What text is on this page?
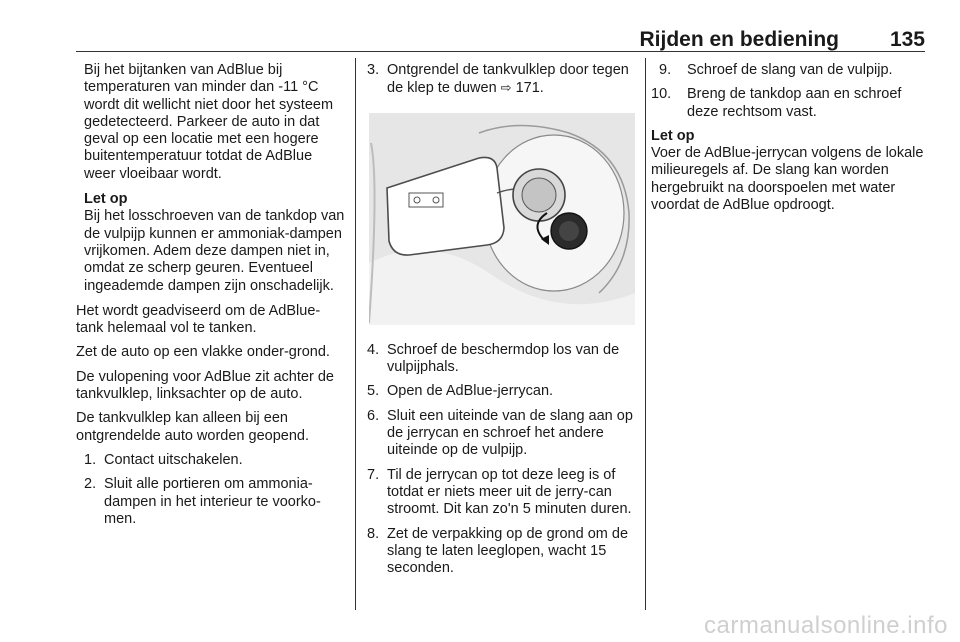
Rijden en bediening 135

Bij het bijtanken van AdBlue bij temperaturen van minder dan -11 °C wordt dit wellicht niet door het systeem gedetecteerd. Parkeer de auto in dat geval op een locatie met een hogere buitentemperatuur totdat de AdBlue weer vloeibaar wordt.

Let op
Bij het losschroeven van de tankdop van de vulpijp kunnen er ammoniak-dampen vrijkomen. Adem deze dampen niet in, omdat ze scherp geuren. Eventueel ingeademde dampen zijn onschadelijk.

Het wordt geadviseerd om de AdBlue-tank helemaal vol te tanken.

Zet de auto op een vlakke onder-grond.

De vulopening voor AdBlue zit achter de tankvulklep, linksachter op de auto.

De tankvulklep kan alleen bij een ontgrendelde auto worden geopend.

1. Contact uitschakelen.
2. Sluit alle portieren om ammonia-dampen in het interieur te voorko-men.
3. Ontgrendel de tankvulklep door tegen de klep te duwen ⇨ 171.
4. Schroef de beschermdop los van de vulpijphals.
5. Open de AdBlue-jerrycan.
6. Sluit een uiteinde van de slang aan op de jerrycan en schroef het andere uiteinde op de vulpijp.
7. Til de jerrycan op tot deze leeg is of totdat er niets meer uit de jerry-can stroomt. Dit kan zo'n 5 minuten duren.
8. Zet de verpakking op de grond om de slang te laten leeglopen, wacht 15 seconden.
9. Schroef de slang van de vulpijp.
10. Breng de tankdop aan en schroef deze rechtsom vast.
Let op
Voer de AdBlue-jerrycan volgens de lokale milieuregels af. De slang kan worden hergebruikt na doorspoelen met water voordat de AdBlue opdroogt.
carmanualsonline.info
